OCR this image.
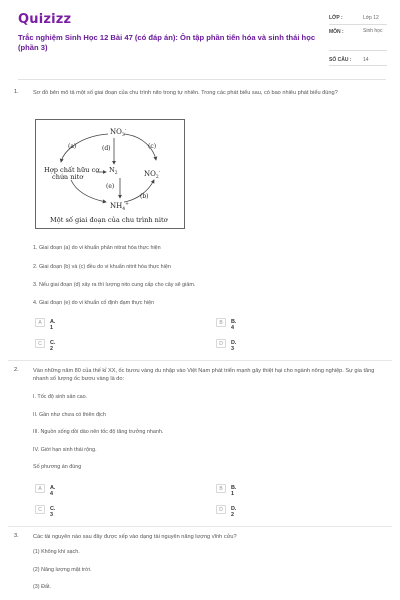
Quizizz
Trắc nghiệm Sinh Học 12 Bài 47 (có đáp án): Ôn tập phần tiến hóa và sinh thái học (phần 3)
LỚP :	Lớp 12
MÔN :	Sinh học
SỐ CÂU : 14
1.	Sơ đồ bên mô tả một số giai đoạn của chu trình nito trong tự nhiên. Trong các phát biểu sau, có bao nhiêu phát biểu đúng?
$NO_3^-$
(a)	(d)	(c)
Hợp chất hữu cơ $N_2$
chứa nitơ	$NO_2^-$
(e)
(b)
$NH_4^+$
Một số giai đoạn của chu trình nitơ
1. Giai đoạn (a) do vi khuẩn phản nitrat hóa thực hiện
2. Giai đoạn (b) và (c) đều do vi khuẩn nitrit hóa thực hiện
3. Nếu giai đoạn (d) xảy ra thì lượng nito cung cấp cho cây sẽ giảm.
4. Giai đoạn (e) do vi khuẩn cố định đạm thực hiện
A	A. 1
B	B. 4
C	C. 2
D	D. 3
2.	Vào những năm 80 của thế kỉ XX, ốc bươu vàng du nhập vào Việt Nam phát triển mạnh gây thiệt hại cho ngành nông nghiệp. Sự gia tăng nhanh số lượng ốc bươu vàng là do:
I. Tốc độ sinh sản cao.
II. Gần như chưa có thiên địch
III. Nguồn sống dồi dào nên tốc độ tăng trưởng nhanh.
IV. Giới hạn sinh thái rộng.
Số phương án đúng
A	A. 4
B	B. 1
C	C. 3
D	D. 2
3.	Các tài nguyên nào sau đây được xếp vào dạng tài nguyên năng lượng vĩnh cửu?
(1) Không khí sạch.
(2) Năng lượng mặt trời.
(3) Đất.
